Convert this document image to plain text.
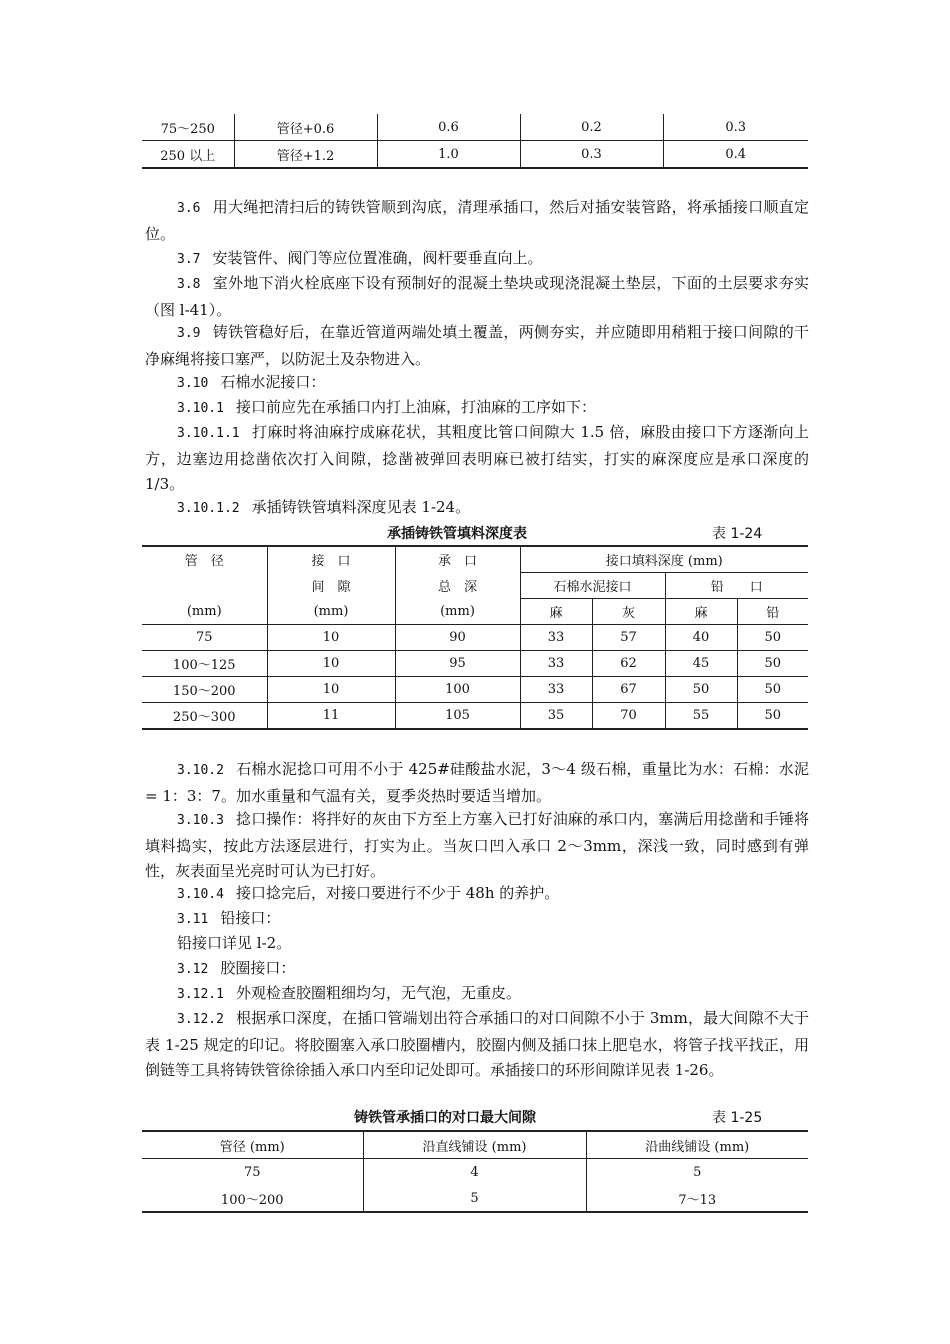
75～250	管径+0.6	0.6	0.2	0.3
250 以上	管径+1.2	1.0	0.3	0.4
3.6 用大绳把清扫后的铸铁管顺到沟底，清理承插口，然后对插安装管路，将承插接口顺直定位。
3.7 安装管件、阀门等应位置准确，阀杆要垂直向上。
3.8 室外地下消火栓底座下设有预制好的混凝土垫块或现浇混凝土垫层，下面的土层要求夯实（图 l-41）。
3.9 铸铁管稳好后，在靠近管道两端处填土覆盖，两侧夯实，并应随即用稍粗于接口间隙的干净麻绳将接口塞严，以防泥土及杂物进入。
3.10 石棉水泥接口：
3.10.1 接口前应先在承插口内打上油麻，打油麻的工序如下：
3.10.1.1 打麻时将油麻拧成麻花状，其粗度比管口间隙大 1.5 倍，麻股由接口下方逐渐向上方，边塞边用捻凿依次打入间隙，捻凿被弹回表明麻已被打结实，打实的麻深度应是承口深度的 1/3。
3.10.1.2 承插铸铁管填料深度见表 1-24。
承插铸铁管填料深度表	表 1-24
管　径	接　口	承　口	接口填料深度 (mm)			
	间　隙	总　深	石棉水泥接口		铅　　口	
(mm)	(mm)	(mm)	麻	灰	麻	铅
75	10	90	33	57	40	50
100～125	10	95	33	62	45	50
150～200	10	100	33	67	50	50
250～300	11	105	35	70	55	50
3.10.2 石棉水泥捻口可用不小于 425#硅酸盐水泥，3～4 级石棉，重量比为水：石棉：水泥= 1：3：7。加水重量和气温有关，夏季炎热时要适当增加。
3.10.3 捻口操作：将拌好的灰由下方至上方塞入已打好油麻的承口内，塞满后用捻凿和手锤将填料捣实，按此方法逐层进行，打实为止。当灰口凹入承口 2～3mm，深浅一致，同时感到有弹性，灰表面呈光亮时可认为已打好。
3.10.4 接口捻完后，对接口要进行不少于 48h 的养护。
3.11 铅接口：
铅接口详见 l-2。
3.12 胶圈接口：
3.12.1 外观检查胶圈粗细均匀，无气泡，无重皮。
3.12.2 根据承口深度，在插口管端划出符合承插口的对口间隙不小于 3mm，最大间隙不大于表 1-25 规定的印记。将胶圈塞入承口胶圈槽内，胶圈内侧及插口抹上肥皂水，将管子找平找正，用倒链等工具将铸铁管徐徐插入承口内至印记处即可。承插接口的环形间隙详见表 1-26。
铸铁管承插口的对口最大间隙	表 1-25
管径 (mm)	沿直线铺设 (mm)	沿曲线铺设 (mm)
75	4	5
100～200	5	7～13
